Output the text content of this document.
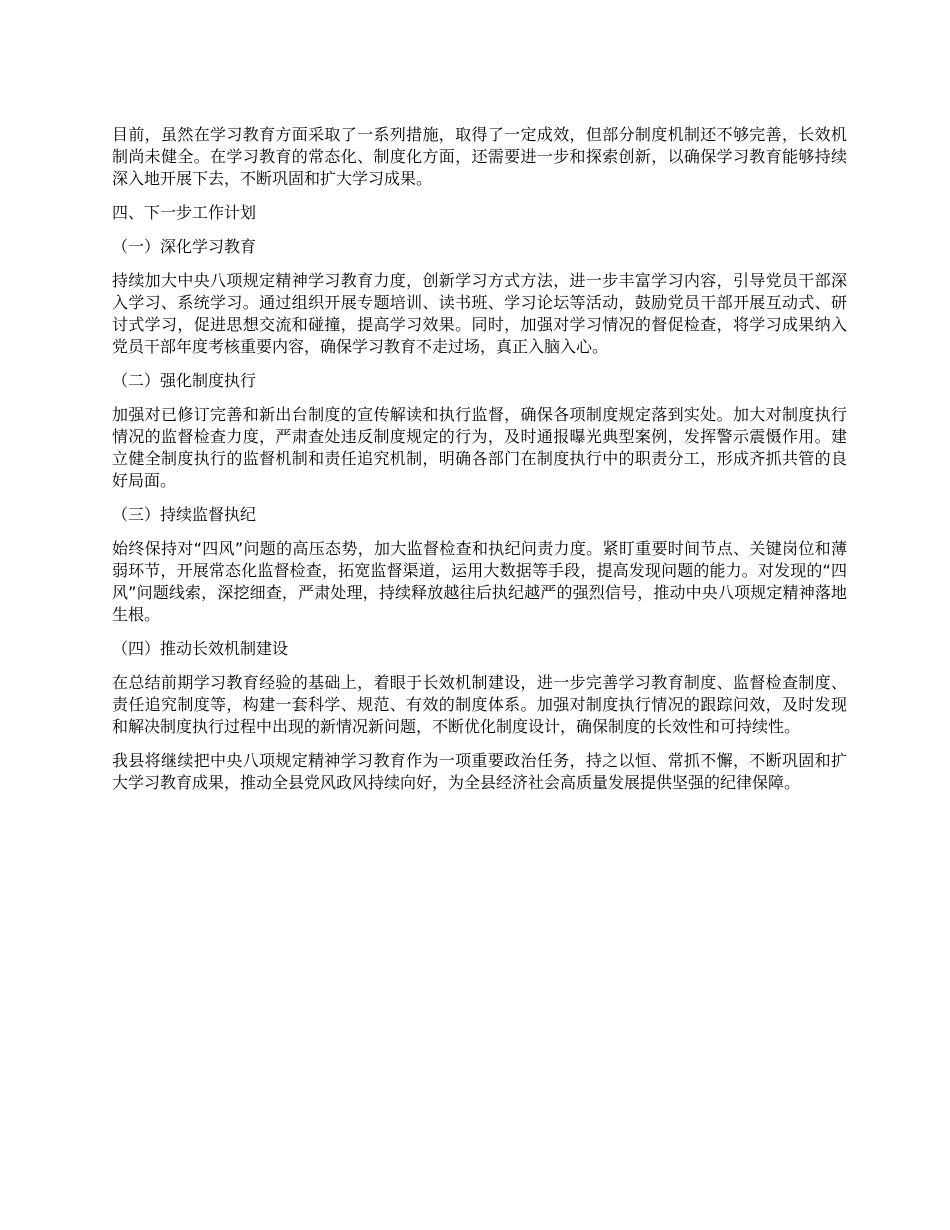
目前，虽然在学习教育方面采取了一系列措施，取得了一定成效，但部分制度机制还不够完善，长效机制尚未健全。在学习教育的常态化、制度化方面，还需要进一步和探索创新，以确保学习教育能够持续深入地开展下去，不断巩固和扩大学习成果。

四、下一步工作计划

（一）深化学习教育

持续加大中央八项规定精神学习教育力度，创新学习方式方法，进一步丰富学习内容，引导党员干部深入学习、系统学习。通过组织开展专题培训、读书班、学习论坛等活动，鼓励党员干部开展互动式、研讨式学习，促进思想交流和碰撞，提高学习效果。同时，加强对学习情况的督促检查，将学习成果纳入党员干部年度考核重要内容，确保学习教育不走过场，真正入脑入心。

（二）强化制度执行

加强对已修订完善和新出台制度的宣传解读和执行监督，确保各项制度规定落到实处。加大对制度执行情况的监督检查力度，严肃查处违反制度规定的行为，及时通报曝光典型案例，发挥警示震慑作用。建立健全制度执行的监督机制和责任追究机制，明确各部门在制度执行中的职责分工，形成齐抓共管的良好局面。

（三）持续监督执纪

始终保持对“四风”问题的高压态势，加大监督检查和执纪问责力度。紧盯重要时间节点、关键岗位和薄弱环节，开展常态化监督检查，拓宽监督渠道，运用大数据等手段，提高发现问题的能力。对发现的“四风”问题线索，深挖细查，严肃处理，持续释放越往后执纪越严的强烈信号，推动中央八项规定精神落地生根。

（四）推动长效机制建设

在总结前期学习教育经验的基础上，着眼于长效机制建设，进一步完善学习教育制度、监督检查制度、责任追究制度等，构建一套科学、规范、有效的制度体系。加强对制度执行情况的跟踪问效，及时发现和解决制度执行过程中出现的新情况新问题，不断优化制度设计，确保制度的长效性和可持续性。

我县将继续把中央八项规定精神学习教育作为一项重要政治任务，持之以恒、常抓不懈，不断巩固和扩大学习教育成果，推动全县党风政风持续向好，为全县经济社会高质量发展提供坚强的纪律保障。
